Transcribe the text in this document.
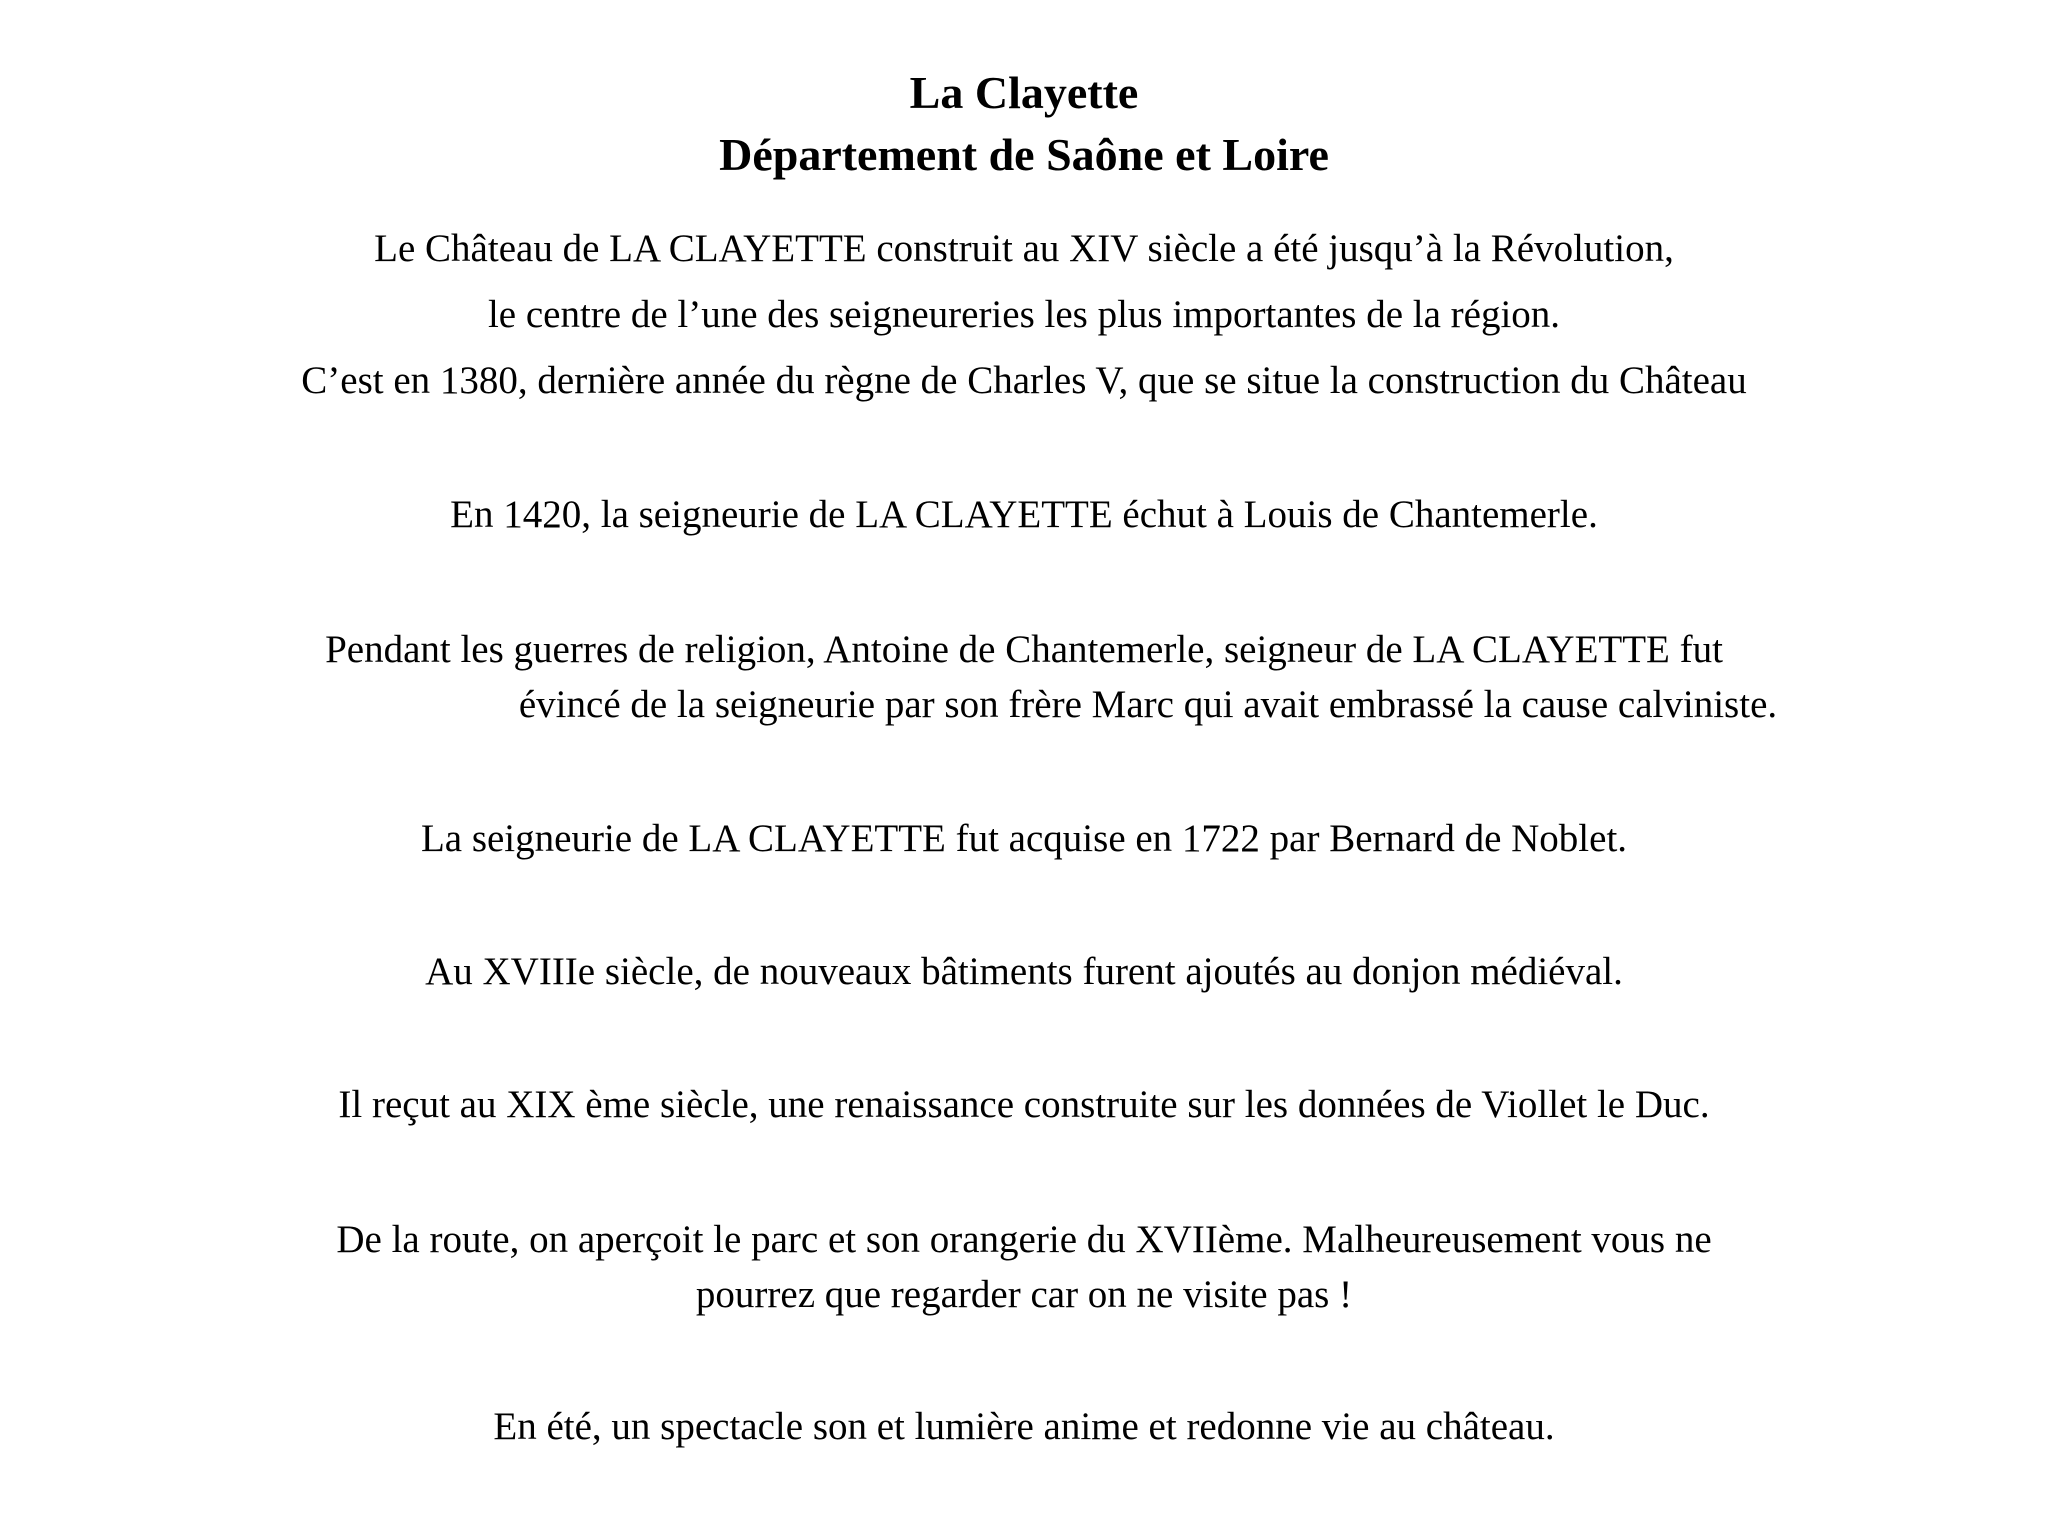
La Clayette
Département de Saône et Loire
Le Château de LA CLAYETTE construit au XIV siècle a été jusqu’à la Révolution,
le centre de l’une des seigneureries les plus importantes de la région.
C’est en 1380, dernière année du règne de Charles V, que se situe la construction du Château
En 1420, la seigneurie de LA CLAYETTE échut à Louis de Chantemerle.
Pendant les guerres de religion, Antoine de Chantemerle, seigneur de LA CLAYETTE fut
évincé de la seigneurie par son frère Marc qui avait embrassé la cause calviniste.
La seigneurie de LA CLAYETTE fut acquise en 1722 par Bernard de Noblet.
Au XVIIIe siècle, de nouveaux bâtiments furent ajoutés au donjon médiéval.
Il reçut au XIX ème siècle, une renaissance construite sur les données de Viollet le Duc.
De la route, on aperçoit le parc et son orangerie du XVIIème. Malheureusement vous ne
pourrez que regarder car on ne visite pas !
En été, un spectacle son et lumière anime et redonne vie au château.
